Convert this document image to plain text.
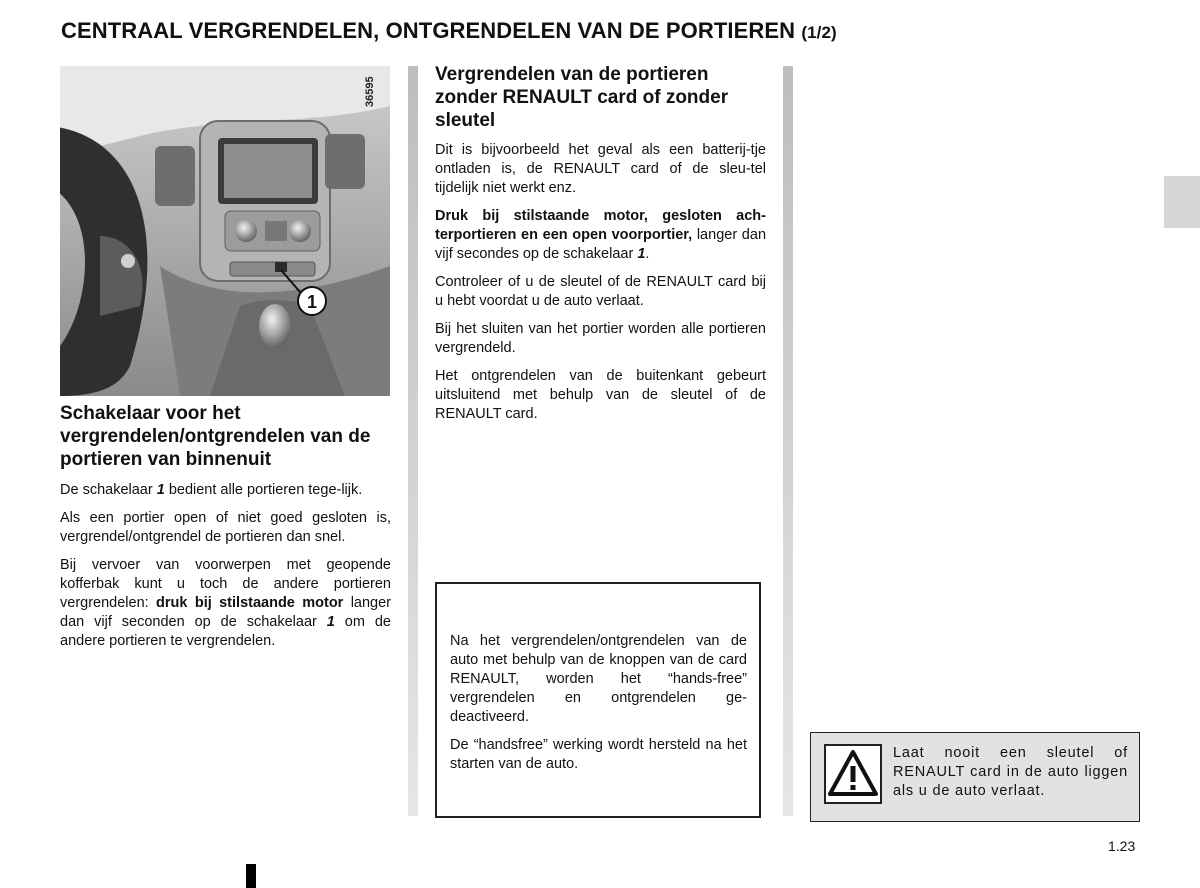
CENTRAAL VERGRENDELEN, ONTGRENDELEN VAN DE PORTIEREN (1/2)
1
36595

Schakelaar voor het vergrendelen/ontgrendelen van de portieren van binnenuit

De schakelaar 1 bedient alle portieren tege-lijk.

Als een portier open of niet goed gesloten is, vergrendel/ontgrendel de portieren dan snel.

Bij vervoer van voorwerpen met geopende kofferbak kunt u toch de andere portieren vergrendelen: druk bij stilstaande motor langer dan vijf seconden op de schakelaar 1 om de andere portieren te vergrendelen.

Vergrendelen van de portieren zonder RENAULT card of zonder sleutel

Dit is bijvoorbeeld het geval als een batterij-tje ontladen is, de RENAULT card of de sleu-tel tijdelijk niet werkt enz.

Druk bij stilstaande motor, gesloten ach-terportieren en een open voorportier, langer dan vijf secondes op de schakelaar 1.

Controleer of u de sleutel of de RENAULT card bij u hebt voordat u de auto verlaat.

Bij het sluiten van het portier worden alle portieren vergrendeld.

Het ontgrendelen van de buitenkant gebeurt uitsluitend met behulp van de sleutel of de RENAULT card.

Na het vergrendelen/ontgrendelen van de auto met behulp van de knoppen van de card RENAULT, worden het “hands-free” vergrendelen en ontgrendelen ge-deactiveerd.

De “handsfree” werking wordt hersteld na het starten van de auto.

Laat nooit een sleutel of RENAULT card in de auto liggen als u de auto verlaat.
1.23
